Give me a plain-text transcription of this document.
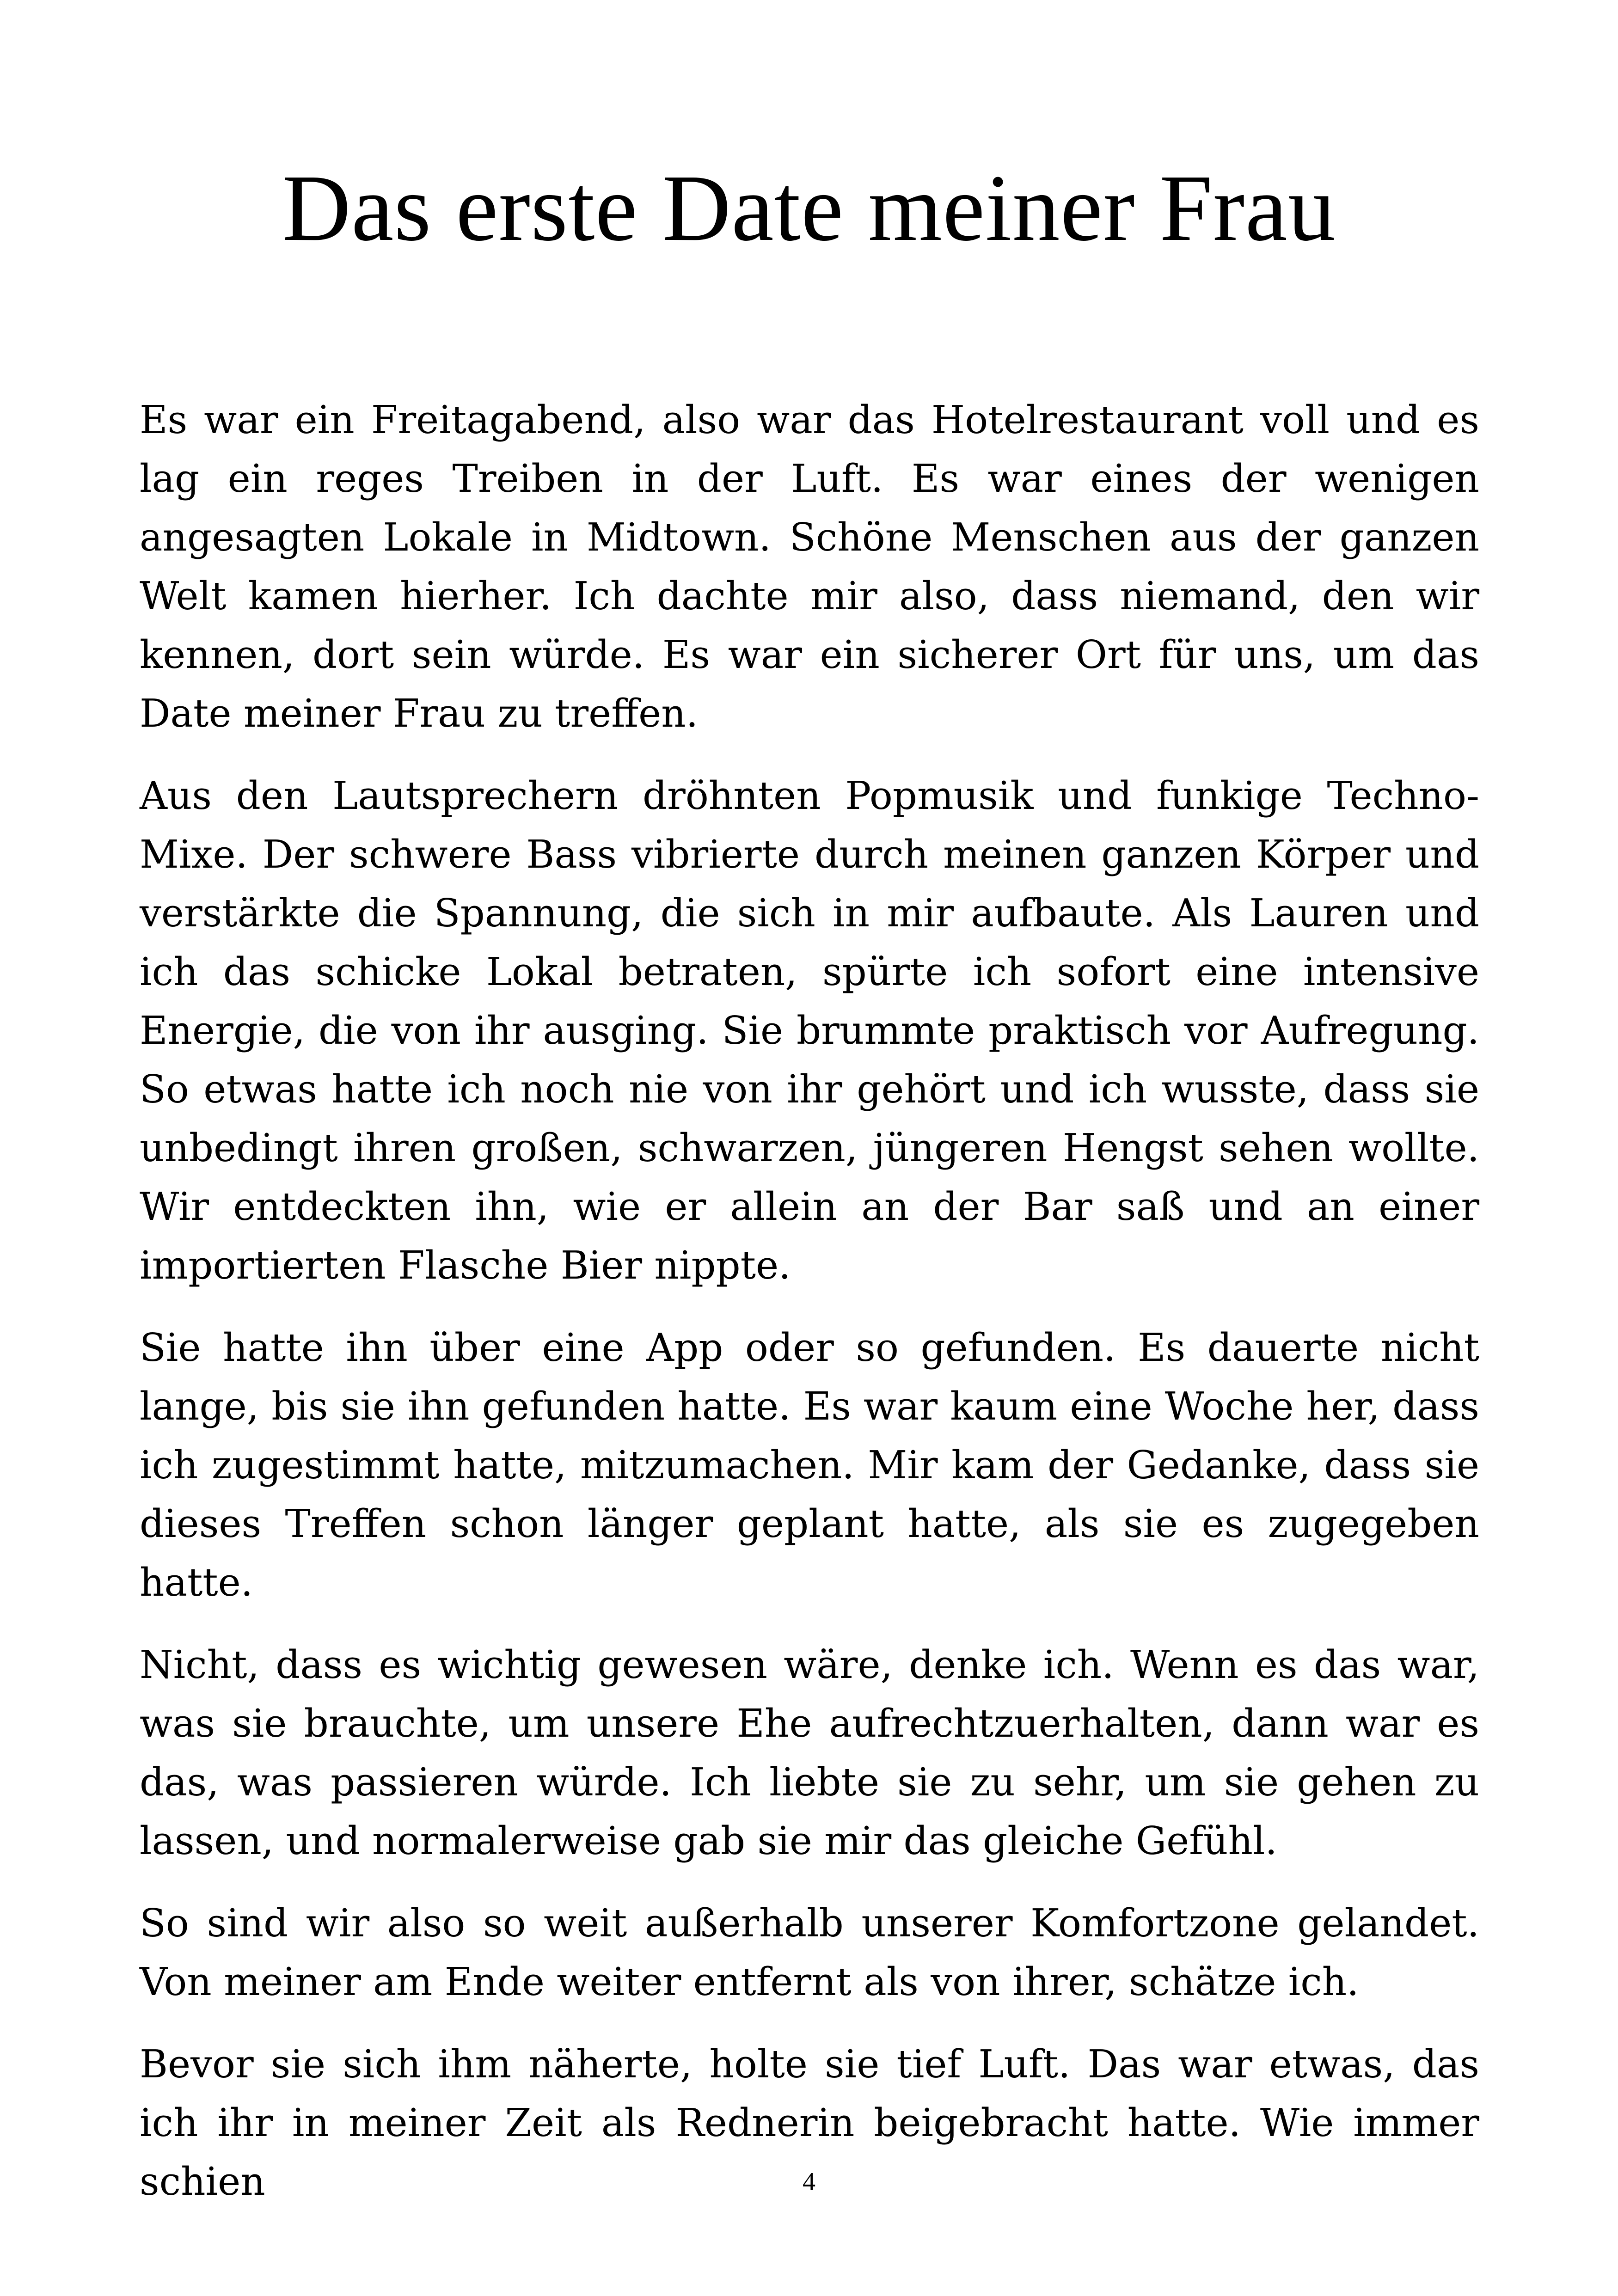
Das erste Date meiner Frau

Es war ein Freitagabend, also war das Hotelrestaurant voll und es lag ein reges Treiben in der Luft. Es war eines der wenigen angesagten Lokale in Midtown. Schöne Menschen aus der ganzen Welt kamen hierher. Ich dachte mir also, dass niemand, den wir kennen, dort sein würde. Es war ein sicherer Ort für uns, um das Date meiner Frau zu treffen.

Aus den Lautsprechern dröhnten Popmusik und funkige Techno-Mixe. Der schwere Bass vibrierte durch meinen ganzen Körper und verstärkte die Spannung, die sich in mir aufbaute. Als Lauren und ich das schicke Lokal betraten, spürte ich sofort eine intensive Energie, die von ihr ausging. Sie brummte praktisch vor Aufregung. So etwas hatte ich noch nie von ihr gehört und ich wusste, dass sie unbedingt ihren großen, schwarzen, jüngeren Hengst sehen wollte. Wir entdeckten ihn, wie er allein an der Bar saß und an einer importierten Flasche Bier nippte.

Sie hatte ihn über eine App oder so gefunden. Es dauerte nicht lange, bis sie ihn gefunden hatte. Es war kaum eine Woche her, dass ich zugestimmt hatte, mitzumachen. Mir kam der Gedanke, dass sie dieses Treffen schon länger geplant hatte, als sie es zugegeben hatte.

Nicht, dass es wichtig gewesen wäre, denke ich. Wenn es das war, was sie brauchte, um unsere Ehe aufrechtzuerhalten, dann war es das, was passieren würde. Ich liebte sie zu sehr, um sie gehen zu lassen, und normalerweise gab sie mir das gleiche Gefühl.

So sind wir also so weit außerhalb unserer Komfortzone gelandet. Von meiner am Ende weiter entfernt als von ihrer, schätze ich.

Bevor sie sich ihm näherte, holte sie tief Luft. Das war etwas, das ich ihr in meiner Zeit als Rednerin beigebracht hatte. Wie immer schien	4
